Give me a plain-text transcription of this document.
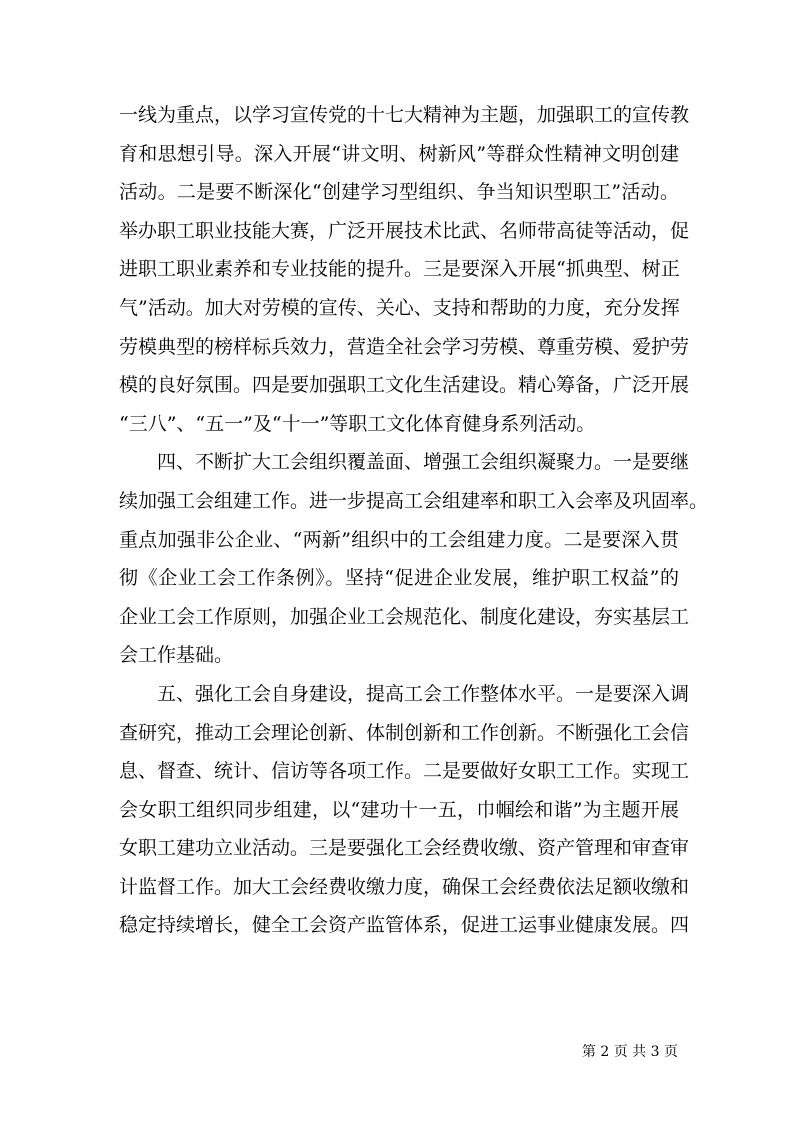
一线为重点，以学习宣传党的十七大精神为主题，加强职工的宣传教
育和思想引导。深入开展“讲文明、树新风”等群众性精神文明创建
活动。二是要不断深化“创建学习型组织、争当知识型职工”活动。
举办职工职业技能大赛，广泛开展技术比武、名师带高徒等活动，促
进职工职业素养和专业技能的提升。三是要深入开展“抓典型、树正
气”活动。加大对劳模的宣传、关心、支持和帮助的力度，充分发挥
劳模典型的榜样标兵效力，营造全社会学习劳模、尊重劳模、爱护劳
模的良好氛围。四是要加强职工文化生活建设。精心筹备，广泛开展
“三八”、“五一”及“十一”等职工文化体育健身系列活动。
四、不断扩大工会组织覆盖面、增强工会组织凝聚力。一是要继
续加强工会组建工作。进一步提高工会组建率和职工入会率及巩固率。
重点加强非公企业、“两新”组织中的工会组建力度。二是要深入贯
彻《企业工会工作条例》。坚持“促进企业发展，维护职工权益”的
企业工会工作原则，加强企业工会规范化、制度化建设，夯实基层工
会工作基础。
五、强化工会自身建设，提高工会工作整体水平。一是要深入调
查研究，推动工会理论创新、体制创新和工作创新。不断强化工会信
息、督查、统计、信访等各项工作。二是要做好女职工工作。实现工
会女职工组织同步组建，以“建功十一五，巾帼绘和谐”为主题开展
女职工建功立业活动。三是要强化工会经费收缴、资产管理和审查审
计监督工作。加大工会经费收缴力度，确保工会经费依法足额收缴和
稳定持续增长，健全工会资产监管体系，促进工运事业健康发展。四
第 2 页 共 3 页
